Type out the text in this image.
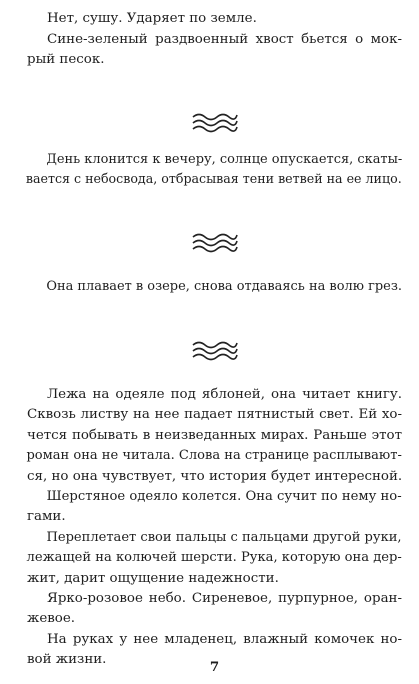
Нет, сушу. Ударяет по земле.

Сине-зеленый раздвоенный хвост бьется о мок-
рый песок.

День клонится к вечеру, солнце опускается, скаты-
вается с небосвода, отбрасывая тени ветвей на ее лицо.

Она плавает в озере, снова отдаваясь на волю грез.

Лежа на одеяле под яблоней, она читает книгу.
Сквозь листву на нее падает пятнистый свет. Ей хо-
чется побывать в неизведанных мирах. Раньше этот
роман она не читала. Слова на странице расплывают-
ся, но она чувствует, что история будет интересной.

Шерстяное одеяло колется. Она сучит по нему но-
гами.

Переплетает свои пальцы с пальцами другой руки,
лежащей на колючей шерсти. Рука, которую она дер-
жит, дарит ощущение надежности.

Ярко-розовое небо. Сиреневое, пурпурное, оран-
жевое.

На руках у нее младенец, влажный комочек но-
вой жизни.	7
